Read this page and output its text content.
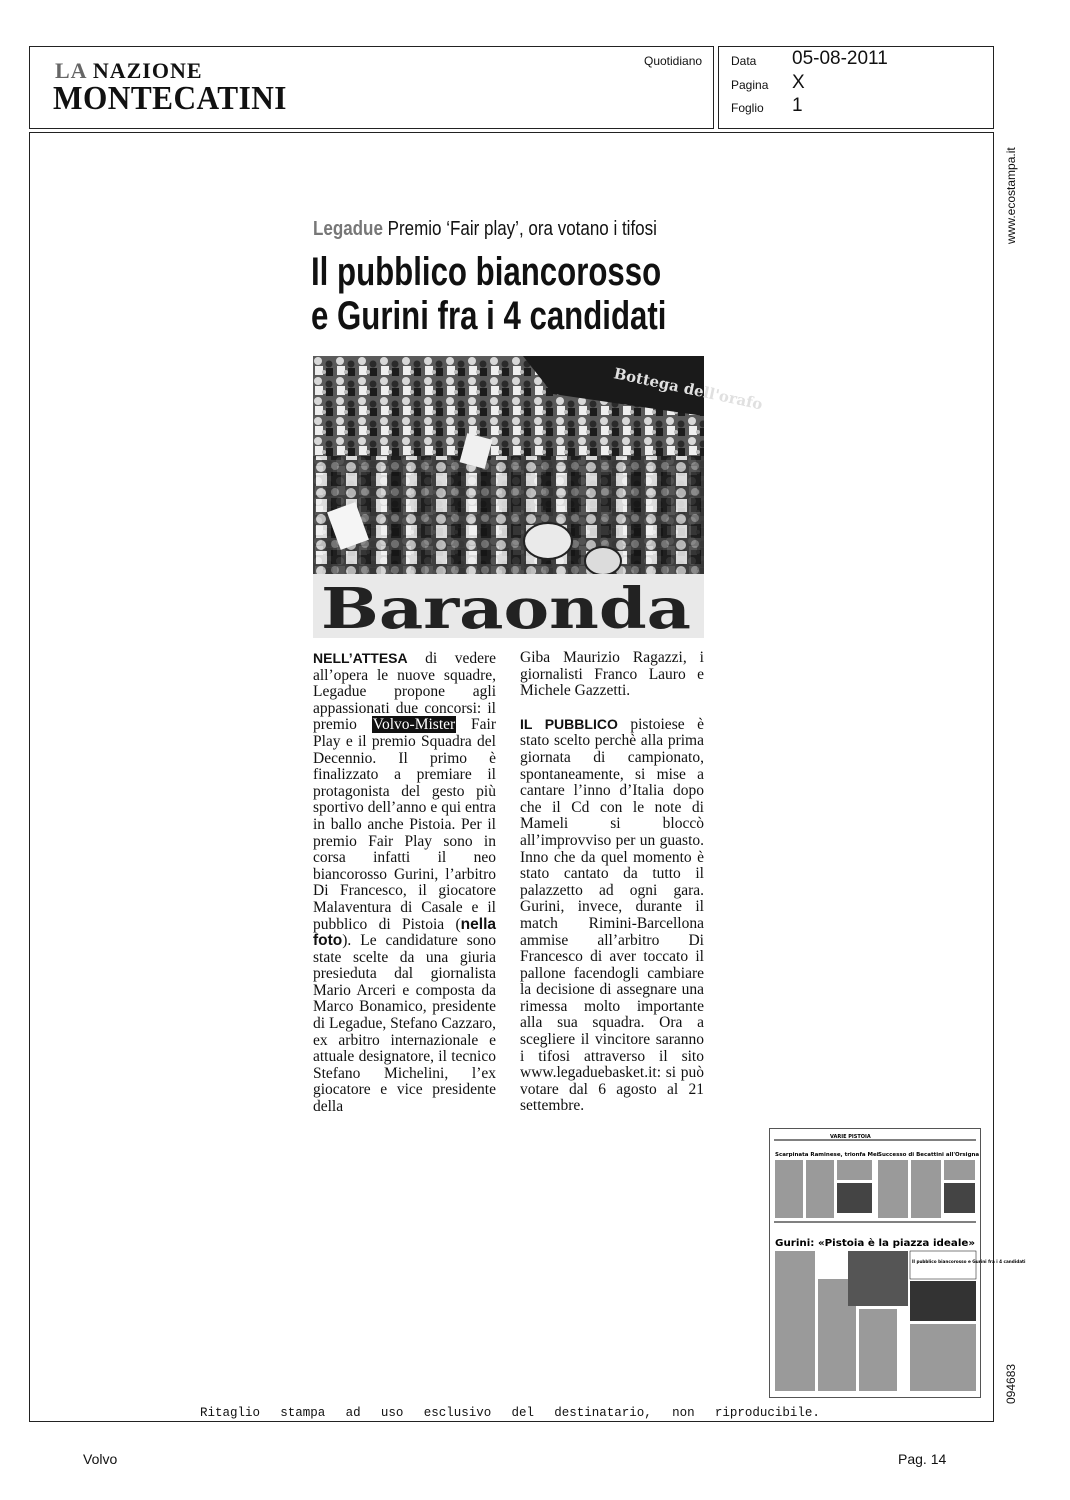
LA NAZIONE
MONTECATINI
Quotidiano Data 05-08-2011
Pagina X
Foglio 1
www.ecostampa.it
094683
Legadue Premio ‘Fair play’, ora votano i tifosi
Il pubblico biancorosso
e Gurini fra i 4 candidati
Bottega dell'orafo
Baraonda

NELL’ATTESA di vedere all’opera le nuove squadre, Legadue propone agli appassionati due concorsi: il premio Volvo-Mister Fair Play e il premio Squadra del Decennio. Il primo è finalizzato a premiare il protagonista del gesto più sportivo dell’anno e qui entra in ballo anche Pistoia. Per il premio Fair Play sono in corsa infatti il neo biancorosso Gurini, l’arbitro Di Francesco, il giocatore Malaventura di Casale e il pubblico di Pistoia (nella foto). Le candidature sono state scelte da una giuria presieduta dal giornalista Mario Arceri e composta da Marco Bonamico, presidente di Legadue, Stefano Cazzaro, ex arbitro internazionale e attuale designatore, il tecnico Stefano Michelini, l’ex giocatore e vice presidente della

Giba Maurizio Ragazzi, i giornalisti Franco Lauro e Michele Gazzetti.

IL PUBBLICO pistoiese è stato scelto perchè alla prima giornata di campionato, spontaneamente, si mise a cantare l’inno d’Italia dopo che il Cd con le note di Mameli si bloccò all’improvviso per un guasto. Inno che da quel momento è stato cantato da tutto il palazzetto ad ogni gara. Gurini, invece, durante il match Rimini-Barcellona ammise all’arbitro Di Francesco di aver toccato il pallone facendogli cambiare la decisione di assegnare una rimessa molto importante alla sua squadra. Ora a scegliere il vincitore saranno i tifosi attraverso il sito www.legaduebasket.it: si può votare dal 6 agosto al 21 settembre.

VARIE PISTOIA
Scarpinata Raminese, trionfa Mei Successo di Becattini all'Orsigna
Gurini: «Pistoia è la piazza ideale»
Il pubblico biancorosso e Gurini fra i 4 candidati
Ritaglio stampa ad uso esclusivo del destinatario, non riproducibile.
Volvo	Pag. 14
